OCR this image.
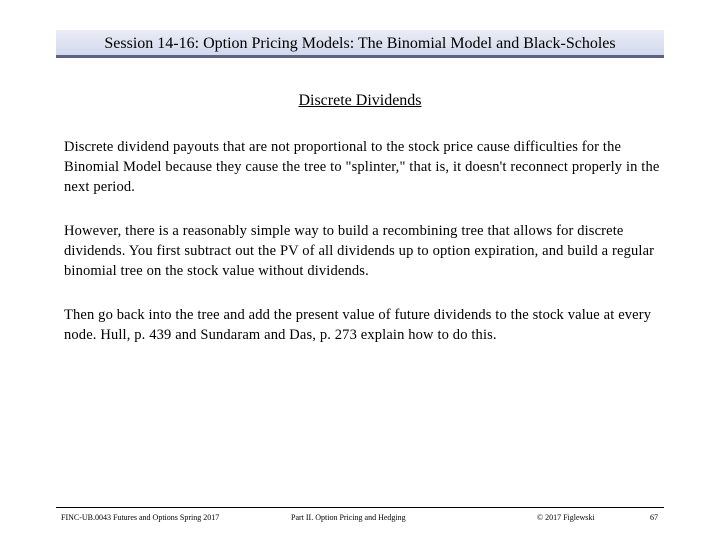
Session 14-16: Option Pricing Models: The Binomial Model and Black-Scholes
Discrete Dividends

Discrete dividend payouts that are not proportional to the stock price cause difficulties for the Binomial Model because they cause the tree to "splinter," that is, it doesn't reconnect properly in the next period.

However, there is a reasonably simple way to build a recombining tree that allows for discrete dividends. You first subtract out the PV of all dividends up to option expiration, and build a regular binomial tree on the stock value without dividends.

Then go back into the tree and add the present value of future dividends to the stock value at every node. Hull, p. 439 and Sundaram and Das, p. 273 explain how to do this.

FINC-UB.0043 Futures and Options Spring 2017	Part II. Option Pricing and Hedging	© 2017 Figlewski	67
